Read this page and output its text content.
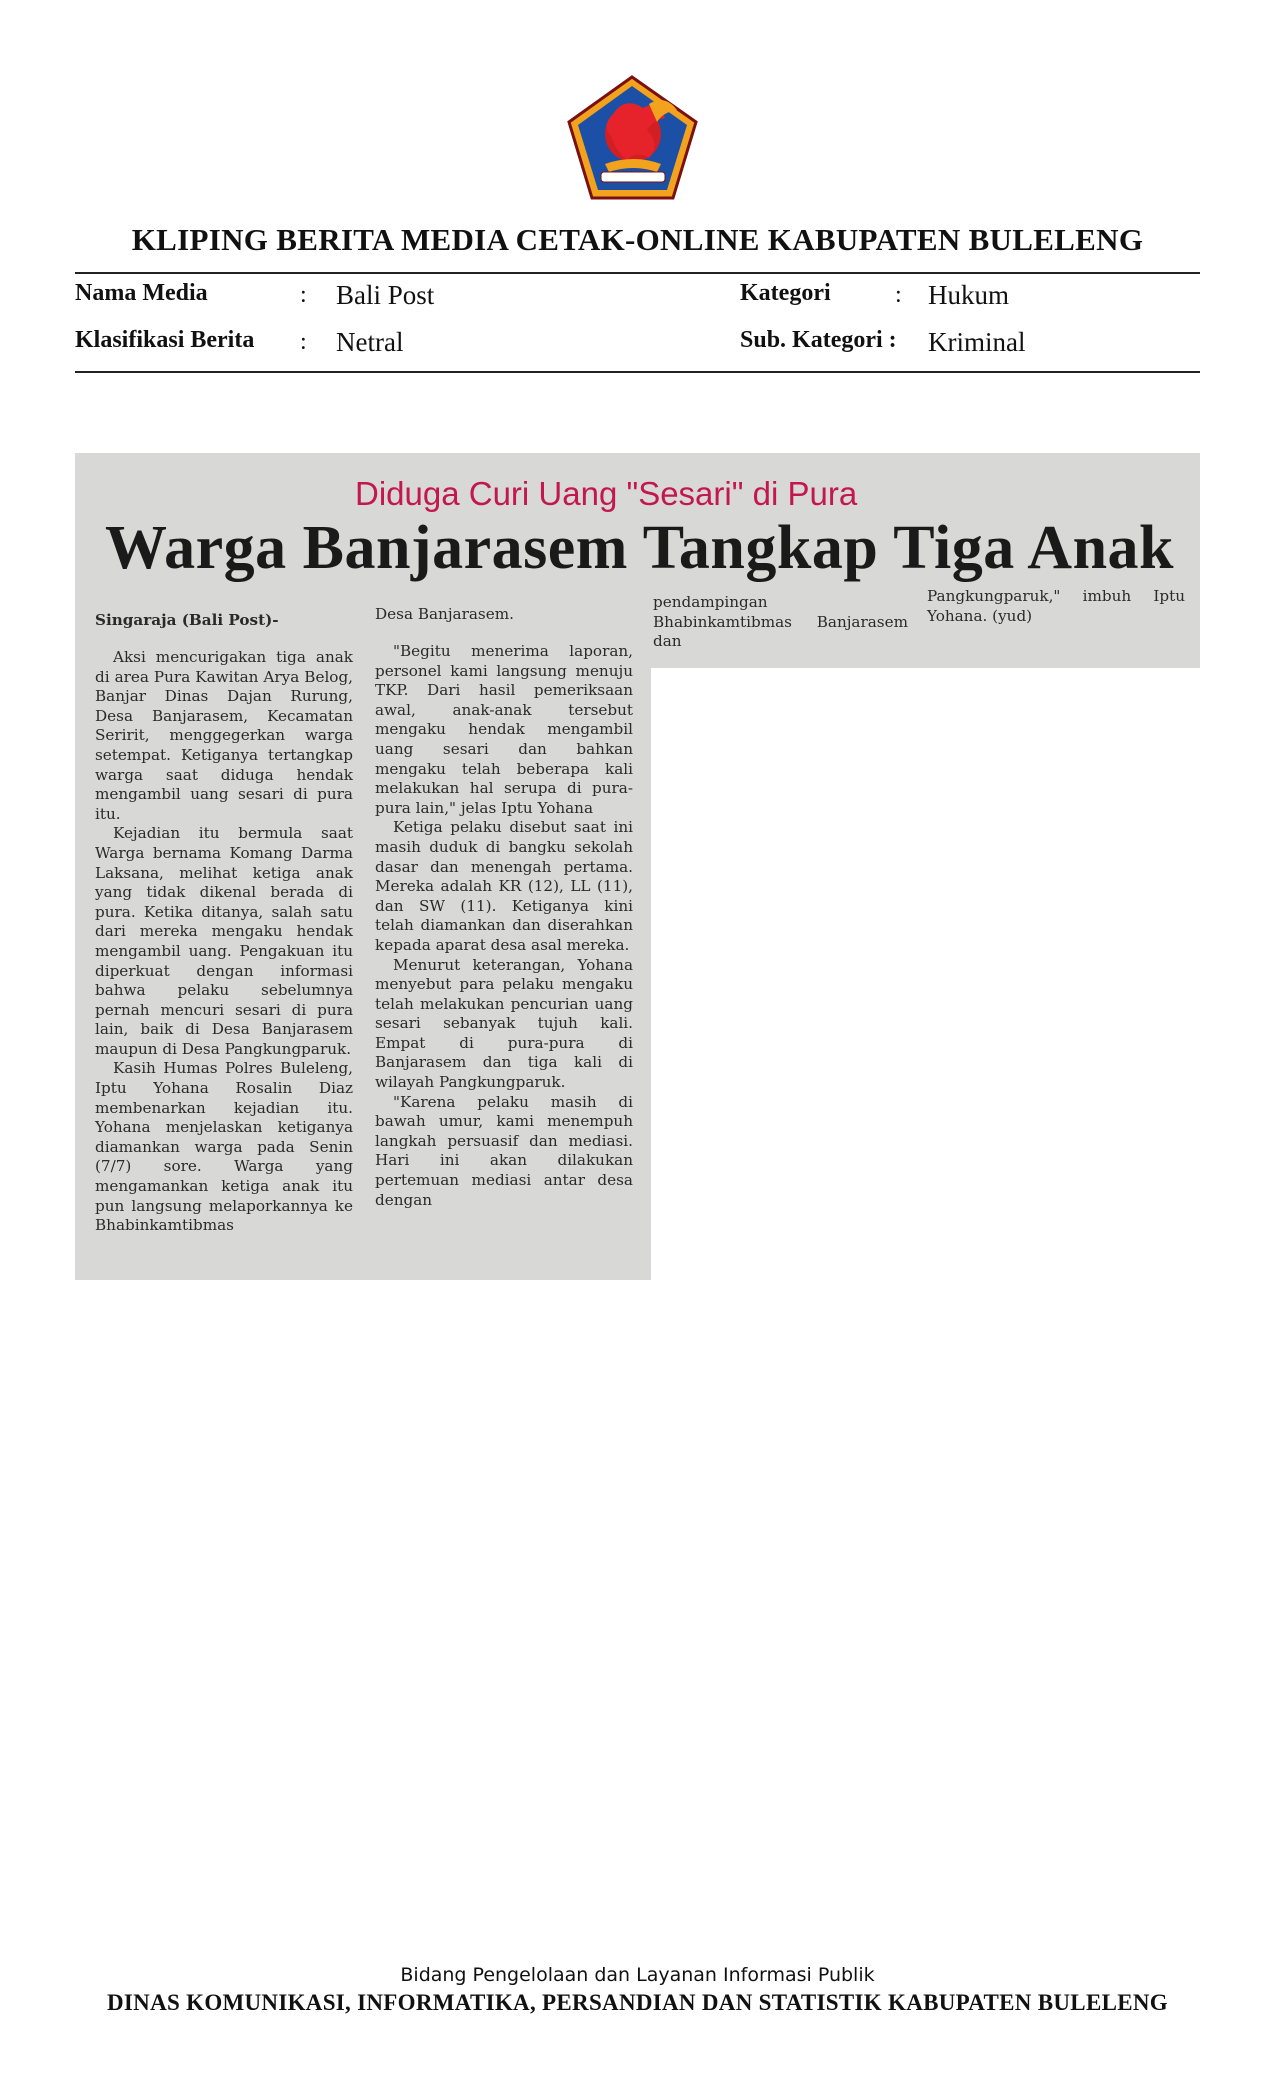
KLIPING BERITA MEDIA CETAK-ONLINE KABUPATEN BULELENG
Nama Media	: Bali Post	Kategori	: Hukum
Klasifikasi Berita : Netral	Sub. Kategori : Kriminal
Diduga Curi Uang "Sesari" di Pura
Warga Banjarasem Tangkap Tiga Anak

Singaraja (Bali Post)-	Desa Banjarasem.

pendampingan Bhabinkamtibmas Banjarasem dan

Pangkungparuk," imbuh Iptu Yohana. (yud)

Aksi mencurigakan tiga anak di area Pura Kawitan Arya Belog, Banjar Dinas Dajan Rurung, Desa Banjarasem, Kecamatan Seririt, menggegerkan warga setempat. Ketiganya tertangkap warga saat diduga hendak mengambil uang sesari di pura itu.

Kejadian itu bermula saat Warga bernama Komang Darma Laksana, melihat ketiga anak yang tidak dikenal berada di pura. Ketika ditanya, salah satu dari mereka mengaku hendak mengambil uang. Pengakuan itu diperkuat dengan informasi bahwa pelaku sebelumnya pernah mencuri sesari di pura lain, baik di Desa Banjarasem maupun di Desa Pangkungparuk.

Kasih Humas Polres Buleleng, Iptu Yohana Rosalin Diaz membenarkan kejadian itu. Yohana menjelaskan ketiganya diamankan warga pada Senin (7/7) sore. Warga yang mengamankan ketiga anak itu pun langsung melaporkannya ke Bhabinkamtibmas

"Begitu menerima laporan, personel kami langsung menuju TKP. Dari hasil pemeriksaan awal, anak-anak tersebut mengaku hendak mengambil uang sesari dan bahkan mengaku telah beberapa kali melakukan hal serupa di pura-pura lain," jelas Iptu Yohana

Ketiga pelaku disebut saat ini masih duduk di bangku sekolah dasar dan menengah pertama. Mereka adalah KR (12), LL (11), dan SW (11). Ketiganya kini telah diamankan dan diserahkan kepada aparat desa asal mereka.

Menurut keterangan, Yohana menyebut para pelaku mengaku telah melakukan pencurian uang sesari sebanyak tujuh kali. Empat di pura-pura di Banjarasem dan tiga kali di wilayah Pangkungparuk.

"Karena pelaku masih di bawah umur, kami menempuh langkah persuasif dan mediasi. Hari ini akan dilakukan pertemuan mediasi antar desa dengan

Bidang Pengelolaan dan Layanan Informasi Publik
DINAS KOMUNIKASI, INFORMATIKA, PERSANDIAN DAN STATISTIK KABUPATEN BULELENG
